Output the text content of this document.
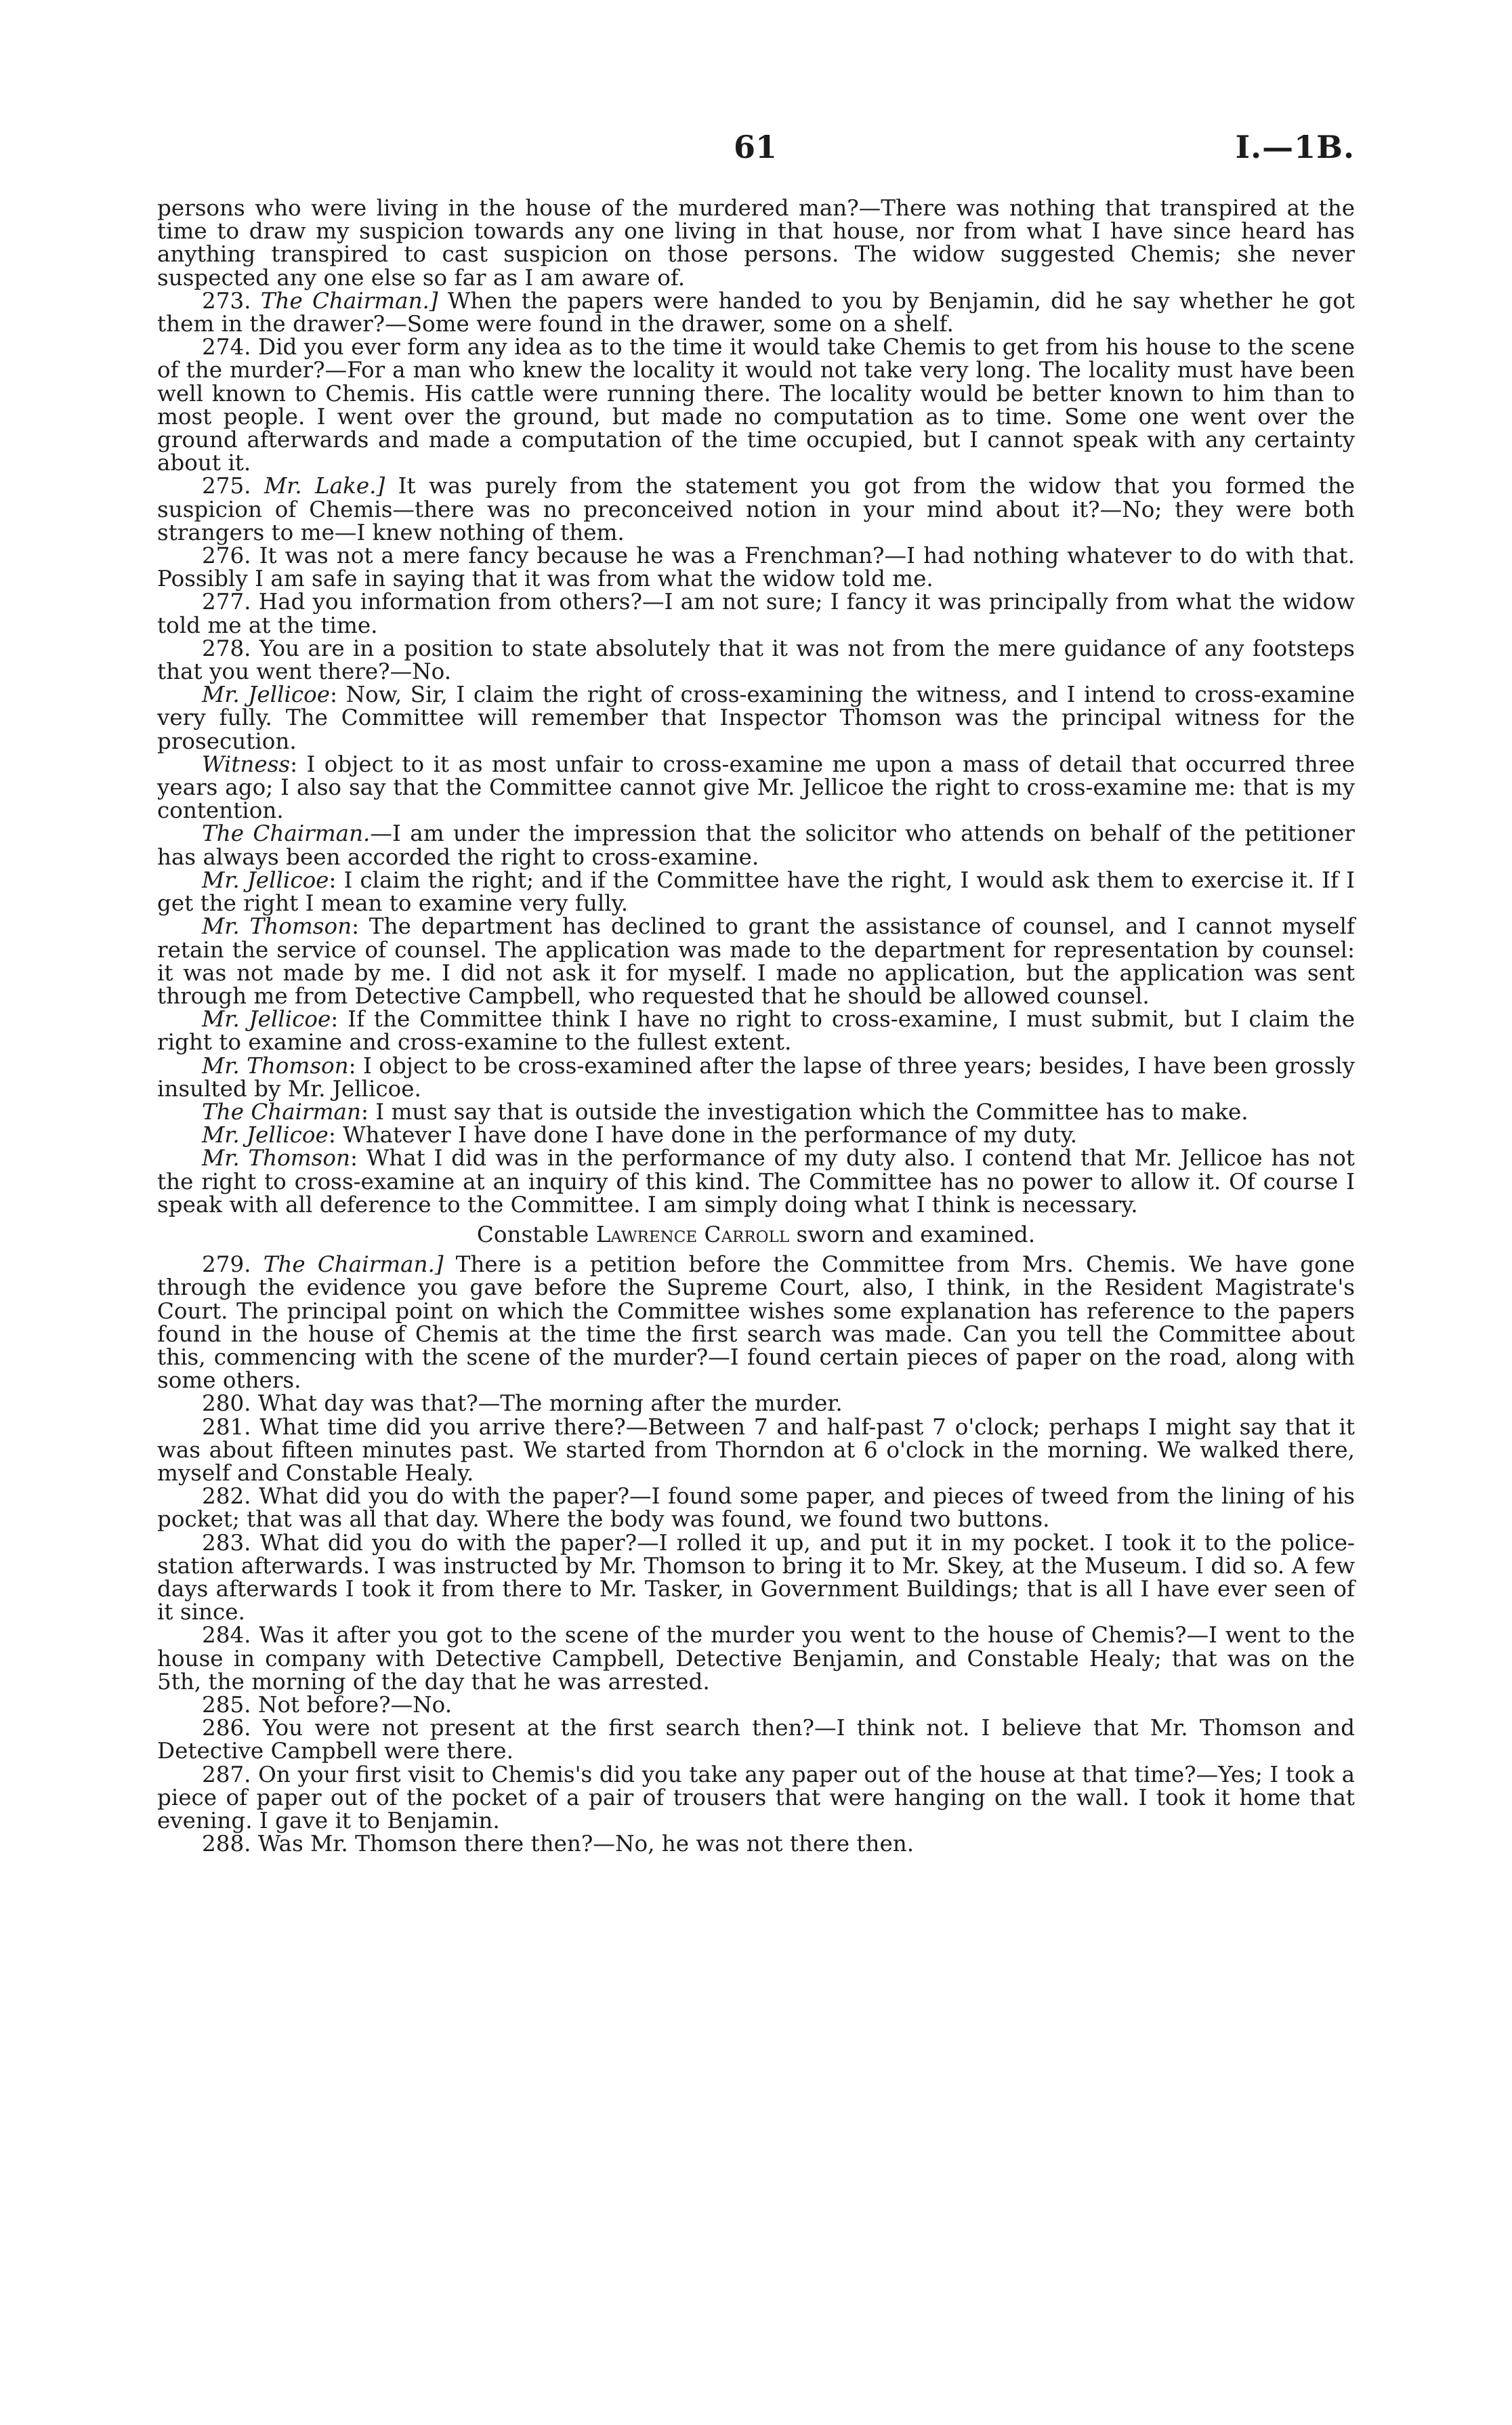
61	I.—1B.

persons who were living in the house of the murdered man?—There was nothing that transpired at the time to draw my suspicion towards any one living in that house, nor from what I have since heard has anything transpired to cast suspicion on those persons. The widow suggested Chemis; she never suspected any one else so far as I am aware of.

273. The Chairman.] When the papers were handed to you by Benjamin, did he say whether he got them in the drawer?—Some were found in the drawer, some on a shelf.

274. Did you ever form any idea as to the time it would take Chemis to get from his house to the scene of the murder?—For a man who knew the locality it would not take very long. The locality must have been well known to Chemis. His cattle were running there. The locality would be better known to him than to most people. I went over the ground, but made no computation as to time. Some one went over the ground afterwards and made a computation of the time occupied, but I cannot speak with any certainty about it.

275. Mr. Lake.] It was purely from the statement you got from the widow that you formed the suspicion of Chemis—there was no preconceived notion in your mind about it?—No; they were both strangers to me—I knew nothing of them.

276. It was not a mere fancy because he was a Frenchman?—I had nothing whatever to do with that. Possibly I am safe in saying that it was from what the widow told me.

277. Had you information from others?—I am not sure; I fancy it was principally from what the widow told me at the time.

278. You are in a position to state absolutely that it was not from the mere guidance of any footsteps that you went there?—No.

Mr. Jellicoe: Now, Sir, I claim the right of cross-examining the witness, and I intend to cross-examine very fully. The Committee will remember that Inspector Thomson was the principal witness for the prosecution.

Witness: I object to it as most unfair to cross-examine me upon a mass of detail that occurred three years ago; I also say that the Committee cannot give Mr. Jellicoe the right to cross-examine me: that is my contention.

The Chairman.—I am under the impression that the solicitor who attends on behalf of the petitioner has always been accorded the right to cross-examine.

Mr. Jellicoe: I claim the right; and if the Committee have the right, I would ask them to exercise it. If I get the right I mean to examine very fully.

Mr. Thomson: The department has declined to grant the assistance of counsel, and I cannot myself retain the service of counsel. The application was made to the department for representation by counsel: it was not made by me. I did not ask it for myself. I made no application, but the application was sent through me from Detective Campbell, who requested that he should be allowed counsel.

Mr. Jellicoe: If the Committee think I have no right to cross-examine, I must submit, but I claim the right to examine and cross-examine to the fullest extent.

Mr. Thomson: I object to be cross-examined after the lapse of three years; besides, I have been grossly insulted by Mr. Jellicoe.

The Chairman: I must say that is outside the investigation which the Committee has to make.

Mr. Jellicoe: Whatever I have done I have done in the performance of my duty.

Mr. Thomson: What I did was in the performance of my duty also. I contend that Mr. Jellicoe has not the right to cross-examine at an inquiry of this kind. The Committee has no power to allow it. Of course I speak with all deference to the Committee. I am simply doing what I think is necessary.

Constable Lawrence Carroll sworn and examined.

279. The Chairman.] There is a petition before the Committee from Mrs. Chemis. We have gone through the evidence you gave before the Supreme Court, also, I think, in the Resident Magistrate's Court. The principal point on which the Committee wishes some explanation has reference to the papers found in the house of Chemis at the time the first search was made. Can you tell the Committee about this, commencing with the scene of the murder?—I found certain pieces of paper on the road, along with some others.

280. What day was that?—The morning after the murder.

281. What time did you arrive there?—Between 7 and half-past 7 o'clock; perhaps I might say that it was about fifteen minutes past. We started from Thorndon at 6 o'clock in the morning. We walked there, myself and Constable Healy.

282. What did you do with the paper?—I found some paper, and pieces of tweed from the lining of his pocket; that was all that day. Where the body was found, we found two buttons.

283. What did you do with the paper?—I rolled it up, and put it in my pocket. I took it to the police-station afterwards. I was instructed by Mr. Thomson to bring it to Mr. Skey, at the Museum. I did so. A few days afterwards I took it from there to Mr. Tasker, in Government Buildings; that is all I have ever seen of it since.

284. Was it after you got to the scene of the murder you went to the house of Chemis?—I went to the house in company with Detective Campbell, Detective Benjamin, and Constable Healy; that was on the 5th, the morning of the day that he was arrested.

285. Not before?—No.

286. You were not present at the first search then?—I think not. I believe that Mr. Thomson and Detective Campbell were there.

287. On your first visit to Chemis's did you take any paper out of the house at that time?—Yes; I took a piece of paper out of the pocket of a pair of trousers that were hanging on the wall. I took it home that evening. I gave it to Benjamin.

288. Was Mr. Thomson there then?—No, he was not there then.
